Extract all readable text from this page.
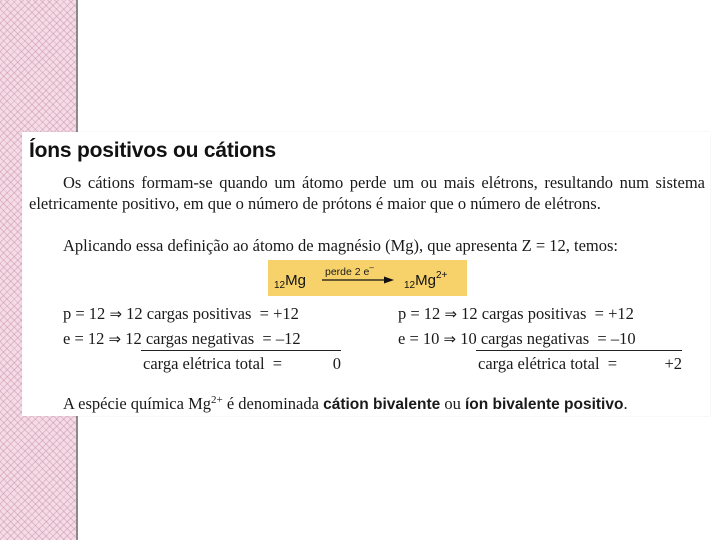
Íons positivos ou cátions

Os cátions formam-se quando um átomo perde um ou mais elétrons, resultando num sistema eletricamente positivo, em que o número de prótons é maior que o número de elétrons.

Aplicando essa definição ao átomo de magnésio (Mg), que apresenta Z = 12, temos:

$_{12}$Mg perde 2 e–
$_{12}Mg^{2+}$
p = 12 ⇒ 12 cargas positivas = +12
e = 12 ⇒ 12 cargas negativas = –12
carga elétrica total =	0
p = 12 ⇒ 12 cargas positivas = +12
e = 10 ⇒ 10 cargas negativas = –10
carga elétrica total =	+2

A espécie química $Mg^{2+}$ é denominada cátion bivalente ou íon bivalente positivo.
